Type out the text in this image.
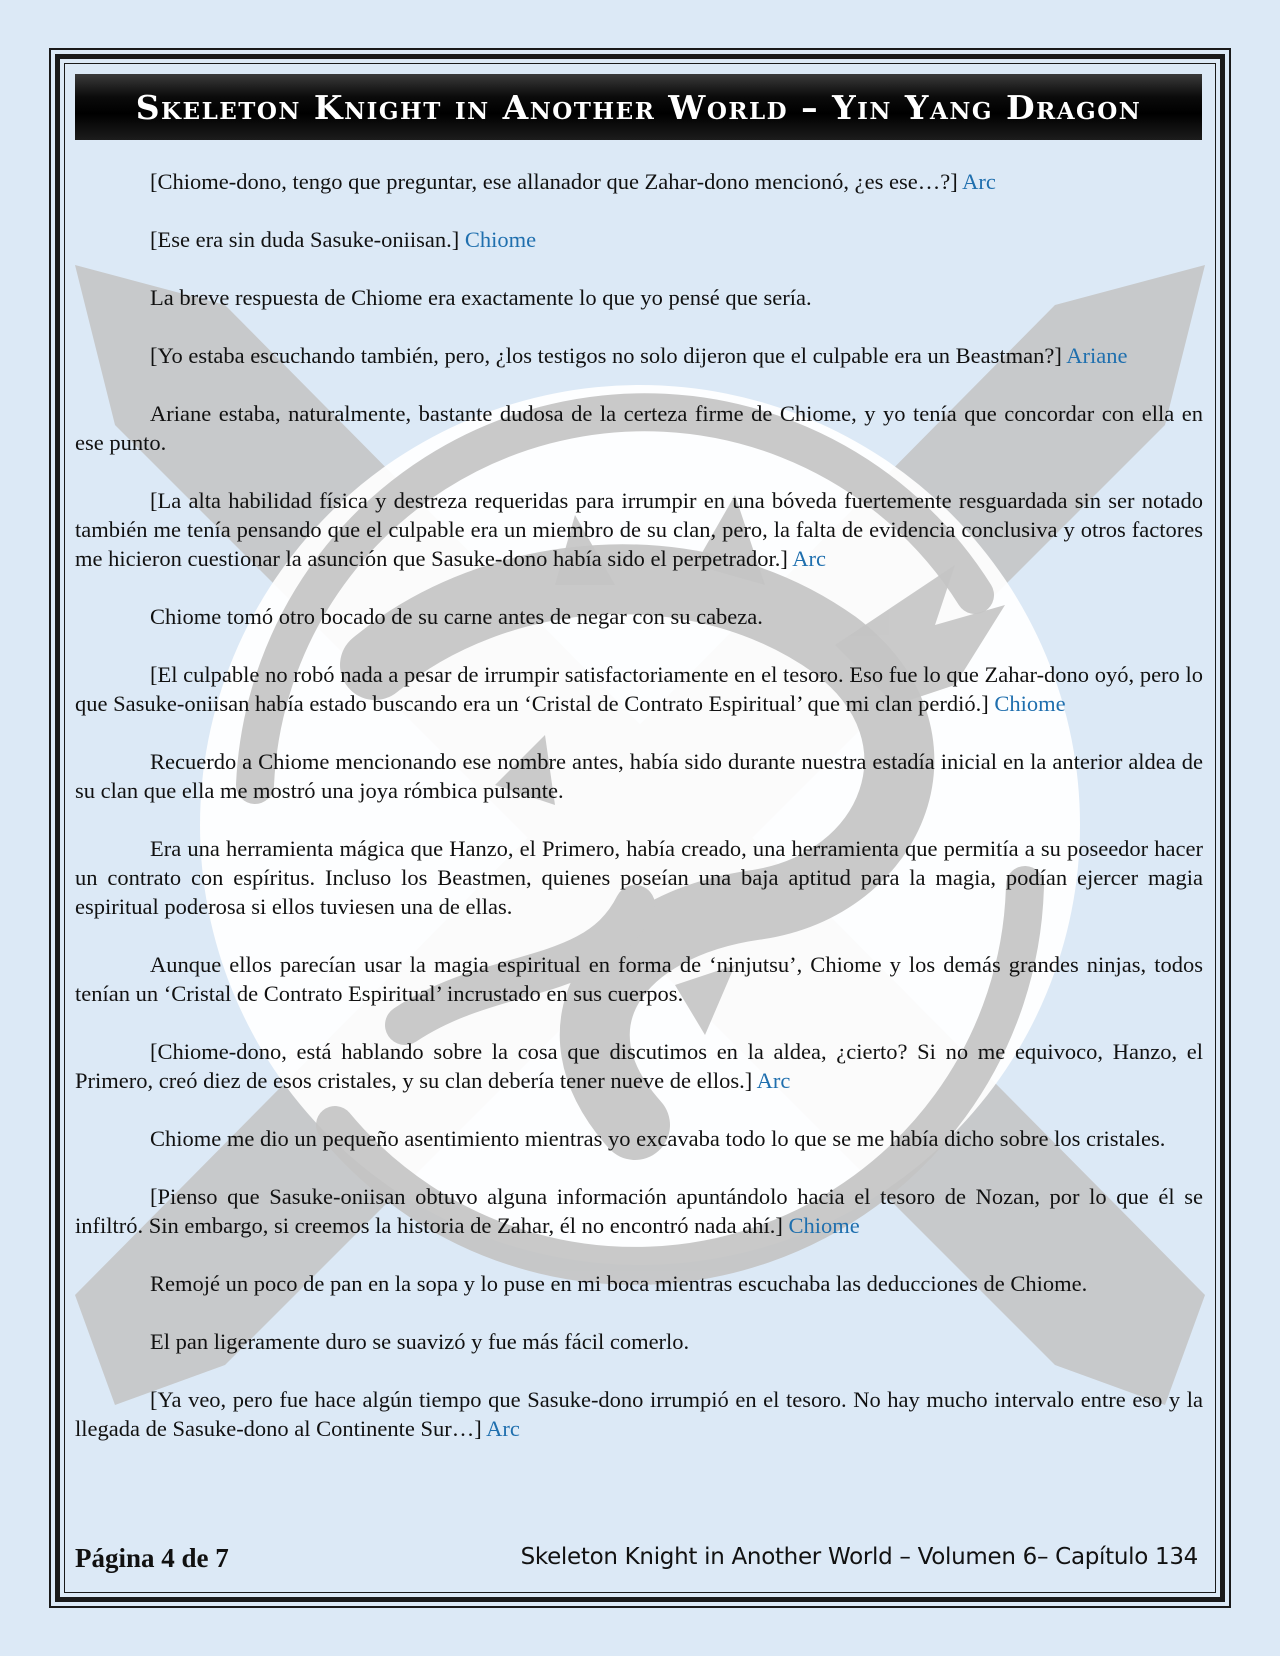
Skeleton Knight in Another World – Yin Yang Dragon

[Chiome-dono, tengo que preguntar, ese allanador que Zahar-dono mencionó, ¿es ese…?] Arc

[Ese era sin duda Sasuke-oniisan.] Chiome

La breve respuesta de Chiome era exactamente lo que yo pensé que sería.

[Yo estaba escuchando también, pero, ¿los testigos no solo dijeron que el culpable era un Beastman?] Ariane

Ariane estaba, naturalmente, bastante dudosa de la certeza firme de Chiome, y yo tenía que concordar con ella en ese punto.

[La alta habilidad física y destreza requeridas para irrumpir en una bóveda fuertemente resguardada sin ser notado también me tenía pensando que el culpable era un miembro de su clan, pero, la falta de evidencia conclusiva y otros factores me hicieron cuestionar la asunción que Sasuke-dono había sido el perpetrador.] Arc

Chiome tomó otro bocado de su carne antes de negar con su cabeza.

[El culpable no robó nada a pesar de irrumpir satisfactoriamente en el tesoro. Eso fue lo que Zahar-dono oyó, pero lo que Sasuke-oniisan había estado buscando era un ‘Cristal de Contrato Espiritual’ que mi clan perdió.] Chiome

Recuerdo a Chiome mencionando ese nombre antes, había sido durante nuestra estadía inicial en la anterior aldea de su clan que ella me mostró una joya rómbica pulsante.

Era una herramienta mágica que Hanzo, el Primero, había creado, una herramienta que permitía a su poseedor hacer un contrato con espíritus. Incluso los Beastmen, quienes poseían una baja aptitud para la magia, podían ejercer magia espiritual poderosa si ellos tuviesen una de ellas.

Aunque ellos parecían usar la magia espiritual en forma de ‘ninjutsu’, Chiome y los demás grandes ninjas, todos tenían un ‘Cristal de Contrato Espiritual’ incrustado en sus cuerpos.

[Chiome-dono, está hablando sobre la cosa que discutimos en la aldea, ¿cierto? Si no me equivoco, Hanzo, el Primero, creó diez de esos cristales, y su clan debería tener nueve de ellos.] Arc

Chiome me dio un pequeño asentimiento mientras yo excavaba todo lo que se me había dicho sobre los cristales.

[Pienso que Sasuke-oniisan obtuvo alguna información apuntándolo hacia el tesoro de Nozan, por lo que él se infiltró. Sin embargo, si creemos la historia de Zahar, él no encontró nada ahí.] Chiome

Remojé un poco de pan en la sopa y lo puse en mi boca mientras escuchaba las deducciones de Chiome.

El pan ligeramente duro se suavizó y fue más fácil comerlo.

[Ya veo, pero fue hace algún tiempo que Sasuke-dono irrumpió en el tesoro. No hay mucho intervalo entre eso y la llegada de Sasuke-dono al Continente Sur…] Arc

Página 4 de 7	Skeleton Knight in Another World – Volumen 6– Capítulo 134
